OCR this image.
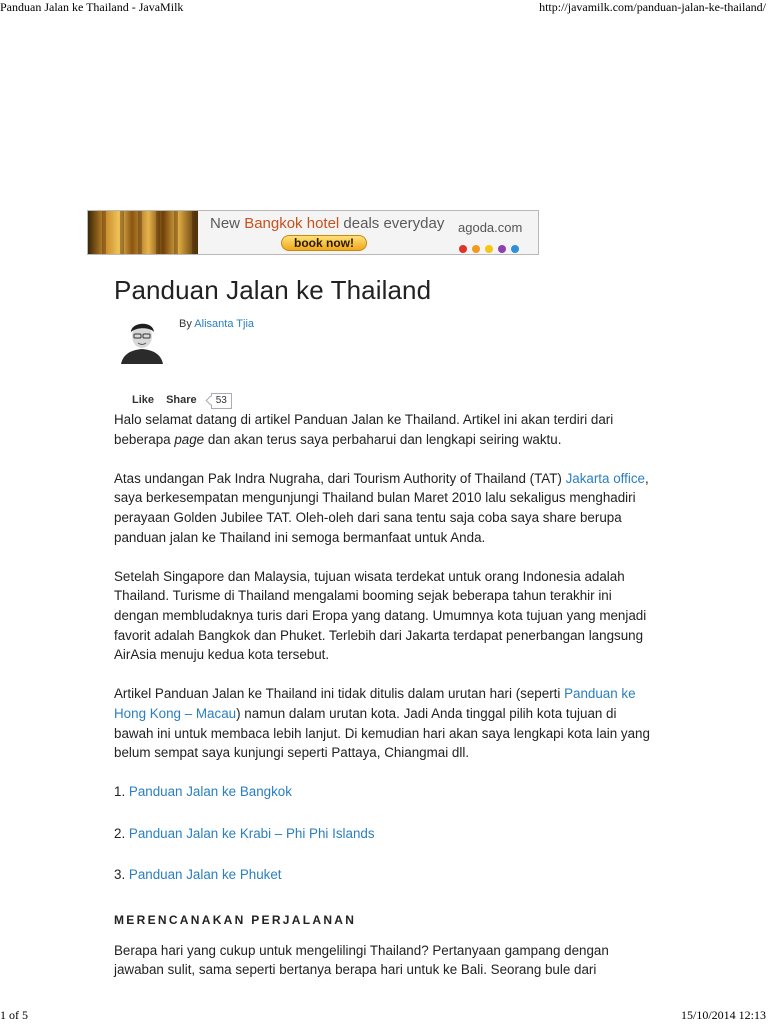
Panduan Jalan ke Thailand - JavaMilk	http://javamilk.com/panduan-jalan-ke-thailand/
New Bangkok hotel deals everyday
book now!
agoda.com
Panduan Jalan ke Thailand
By Alisanta Tjia
Like Share 53

Halo selamat datang di artikel Panduan Jalan ke Thailand. Artikel ini akan terdiri dari beberapa page dan akan terus saya perbaharui dan lengkapi seiring waktu.

Atas undangan Pak Indra Nugraha, dari Tourism Authority of Thailand (TAT) Jakarta office, saya berkesempatan mengunjungi Thailand bulan Maret 2010 lalu sekaligus menghadiri perayaan Golden Jubilee TAT. Oleh-oleh dari sana tentu saja coba saya share berupa panduan jalan ke Thailand ini semoga bermanfaat untuk Anda.

Setelah Singapore dan Malaysia, tujuan wisata terdekat untuk orang Indonesia adalah Thailand. Turisme di Thailand mengalami booming sejak beberapa tahun terakhir ini dengan membludaknya turis dari Eropa yang datang. Umumnya kota tujuan yang menjadi favorit adalah Bangkok dan Phuket. Terlebih dari Jakarta terdapat penerbangan langsung AirAsia menuju kedua kota tersebut.

Artikel Panduan Jalan ke Thailand ini tidak ditulis dalam urutan hari (seperti Panduan ke Hong Kong – Macau) namun dalam urutan kota. Jadi Anda tinggal pilih kota tujuan di bawah ini untuk membaca lebih lanjut. Di kemudian hari akan saya lengkapi kota lain yang belum sempat saya kunjungi seperti Pattaya, Chiangmai dll.

1. Panduan Jalan ke Bangkok
2. Panduan Jalan ke Krabi – Phi Phi Islands
3. Panduan Jalan ke Phuket
MERENCANAKAN PERJALANAN

Berapa hari yang cukup untuk mengelilingi Thailand? Pertanyaan gampang dengan jawaban sulit, sama seperti bertanya berapa hari untuk ke Bali. Seorang bule dari

1 of 5	15/10/2014 12:13
